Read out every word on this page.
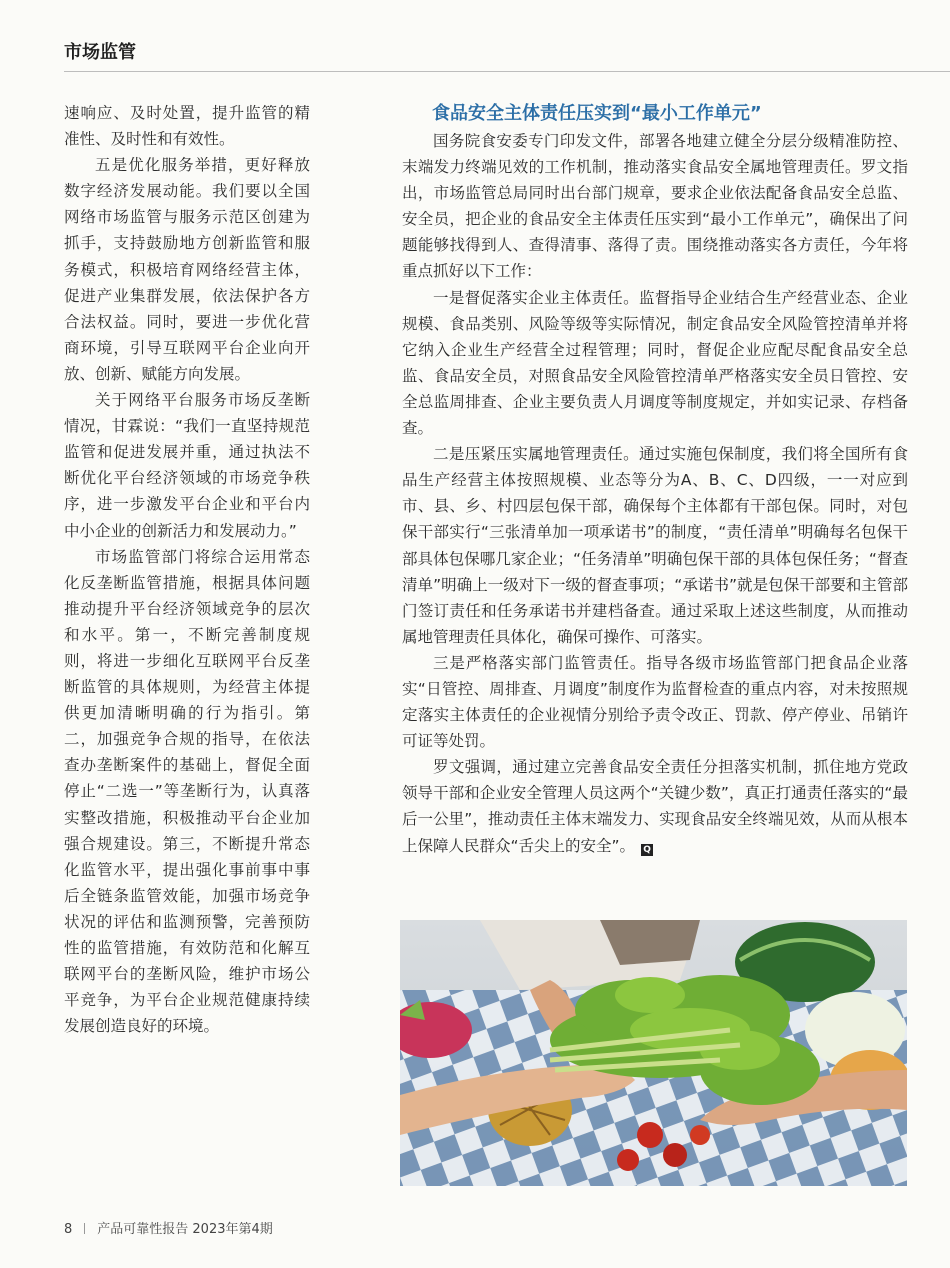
市场监管

速响应、及时处置，提升监管的精准性、及时性和有效性。

五是优化服务举措，更好释放数字经济发展动能。我们要以全国网络市场监管与服务示范区创建为抓手，支持鼓励地方创新监管和服务模式，积极培育网络经营主体，促进产业集群发展，依法保护各方合法权益。同时，要进一步优化营商环境，引导互联网平台企业向开放、创新、赋能方向发展。

关于网络平台服务市场反垄断情况，甘霖说：“我们一直坚持规范监管和促进发展并重，通过执法不断优化平台经济领域的市场竞争秩序，进一步激发平台企业和平台内中小企业的创新活力和发展动力。”

市场监管部门将综合运用常态化反垄断监管措施，根据具体问题推动提升平台经济领域竞争的层次和水平。第一，不断完善制度规则，将进一步细化互联网平台反垄断监管的具体规则，为经营主体提供更加清晰明确的行为指引。第二，加强竞争合规的指导，在依法查办垄断案件的基础上，督促全面停止“二选一”等垄断行为，认真落实整改措施，积极推动平台企业加强合规建设。第三，不断提升常态化监管水平，提出强化事前事中事后全链条监管效能，加强市场竞争状况的评估和监测预警，完善预防性的监管措施，有效防范和化解互联网平台的垄断风险，维护市场公平竞争，为平台企业规范健康持续发展创造良好的环境。

食品安全主体责任压实到“最小工作单元”

国务院食安委专门印发文件，部署各地建立健全分层分级精准防控、末端发力终端见效的工作机制，推动落实食品安全属地管理责任。罗文指出，市场监管总局同时出台部门规章，要求企业依法配备食品安全总监、安全员，把企业的食品安全主体责任压实到“最小工作单元”，确保出了问题能够找得到人、查得清事、落得了责。围绕推动落实各方责任，今年将重点抓好以下工作：

一是督促落实企业主体责任。监督指导企业结合生产经营业态、企业规模、食品类别、风险等级等实际情况，制定食品安全风险管控清单并将它纳入企业生产经营全过程管理；同时，督促企业应配尽配食品安全总监、食品安全员，对照食品安全风险管控清单严格落实安全员日管控、安全总监周排查、企业主要负责人月调度等制度规定，并如实记录、存档备查。

二是压紧压实属地管理责任。通过实施包保制度，我们将全国所有食品生产经营主体按照规模、业态等分为A、B、C、D四级，一一对应到市、县、乡、村四层包保干部，确保每个主体都有干部包保。同时，对包保干部实行“三张清单加一项承诺书”的制度，“责任清单”明确每名包保干部具体包保哪几家企业；“任务清单”明确包保干部的具体包保任务；“督查清单”明确上一级对下一级的督查事项；“承诺书”就是包保干部要和主管部门签订责任和任务承诺书并建档备查。通过采取上述这些制度，从而推动属地管理责任具体化，确保可操作、可落实。

三是严格落实部门监管责任。指导各级市场监管部门把食品企业落实“日管控、周排查、月调度”制度作为监督检查的重点内容，对未按照规定落实主体责任的企业视情分别给予责令改正、罚款、停产停业、吊销许可证等处罚。

罗文强调，通过建立完善食品安全责任分担落实机制，抓住地方党政领导干部和企业安全管理人员这两个“关键少数”，真正打通责任落实的“最后一公里”，推动责任主体末端发力、实现食品安全终端见效，从而从根本上保障人民群众“舌尖上的安全”。 Q

8 产品可靠性报告 2023年第4期
